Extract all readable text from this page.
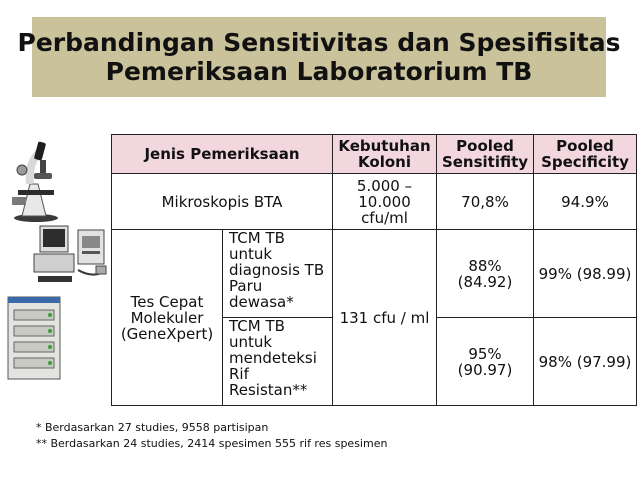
Perbandingan Sensitivitas dan Spesifisitas
Pemeriksaan Laboratorium TB
Jenis Pemeriksaan		Kebutuhan Koloni	Pooled Sensitifity	Pooled Specificity
Mikroskopis BTA		5.000 – 10.000 cfu/ml	70,8%	94.9%
Tes Cepat Molekuler (GeneXpert)	TCM TB untuk diagnosis TB Paru dewasa*	131 cfu / ml	88% (84.92)	99% (98.99)
	TCM TB untuk mendeteksi Rif Resistan**		95% (90.97)	98% (97.99)
* Berdasarkan 27 studies, 9558 partisipan
** Berdasarkan 24 studies, 2414 spesimen 555 rif res spesimen
